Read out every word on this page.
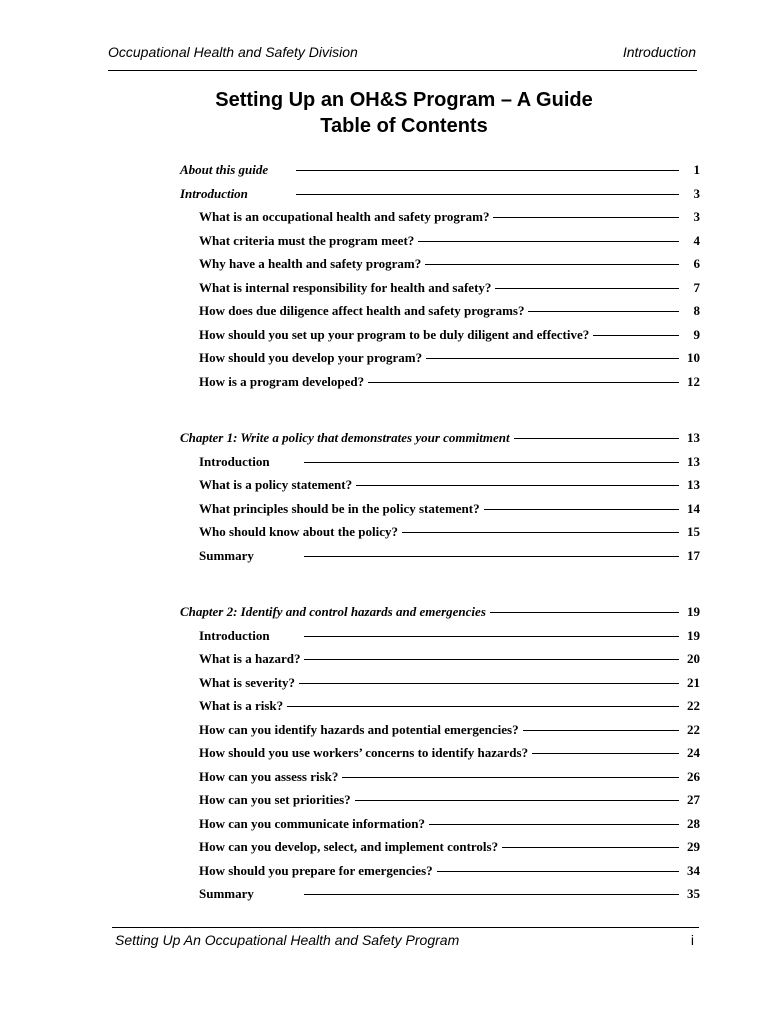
Occupational Health and Safety Division	Introduction
Setting Up an OH&S Program – A Guide
Table of Contents
About this guide	1
Introduction	3
What is an occupational health and safety program?	3
What criteria must the program meet?	4
Why have a health and safety program?	6
What is internal responsibility for health and safety?	7
How does due diligence affect health and safety programs?	8
How should you set up your program to be duly diligent and effective?	9
How should you develop your program?	10
How is a program developed?	12
Chapter 1: Write a policy that demonstrates your commitment	13
Introduction	13
What is a policy statement?	13
What principles should be in the policy statement?	14
Who should know about the policy?	15
Summary	17
Chapter 2: Identify and control hazards and emergencies	19
Introduction	19
What is a hazard?	20
What is severity?	21
What is a risk?	22
How can you identify hazards and potential emergencies?	22
How should you use workers’ concerns to identify hazards?	24
How can you assess risk?	26
How can you set priorities?	27
How can you communicate information?	28
How can you develop, select, and implement controls?	29
How should you prepare for emergencies?	34
Summary	35
Setting Up An Occupational Health and Safety Program	i
